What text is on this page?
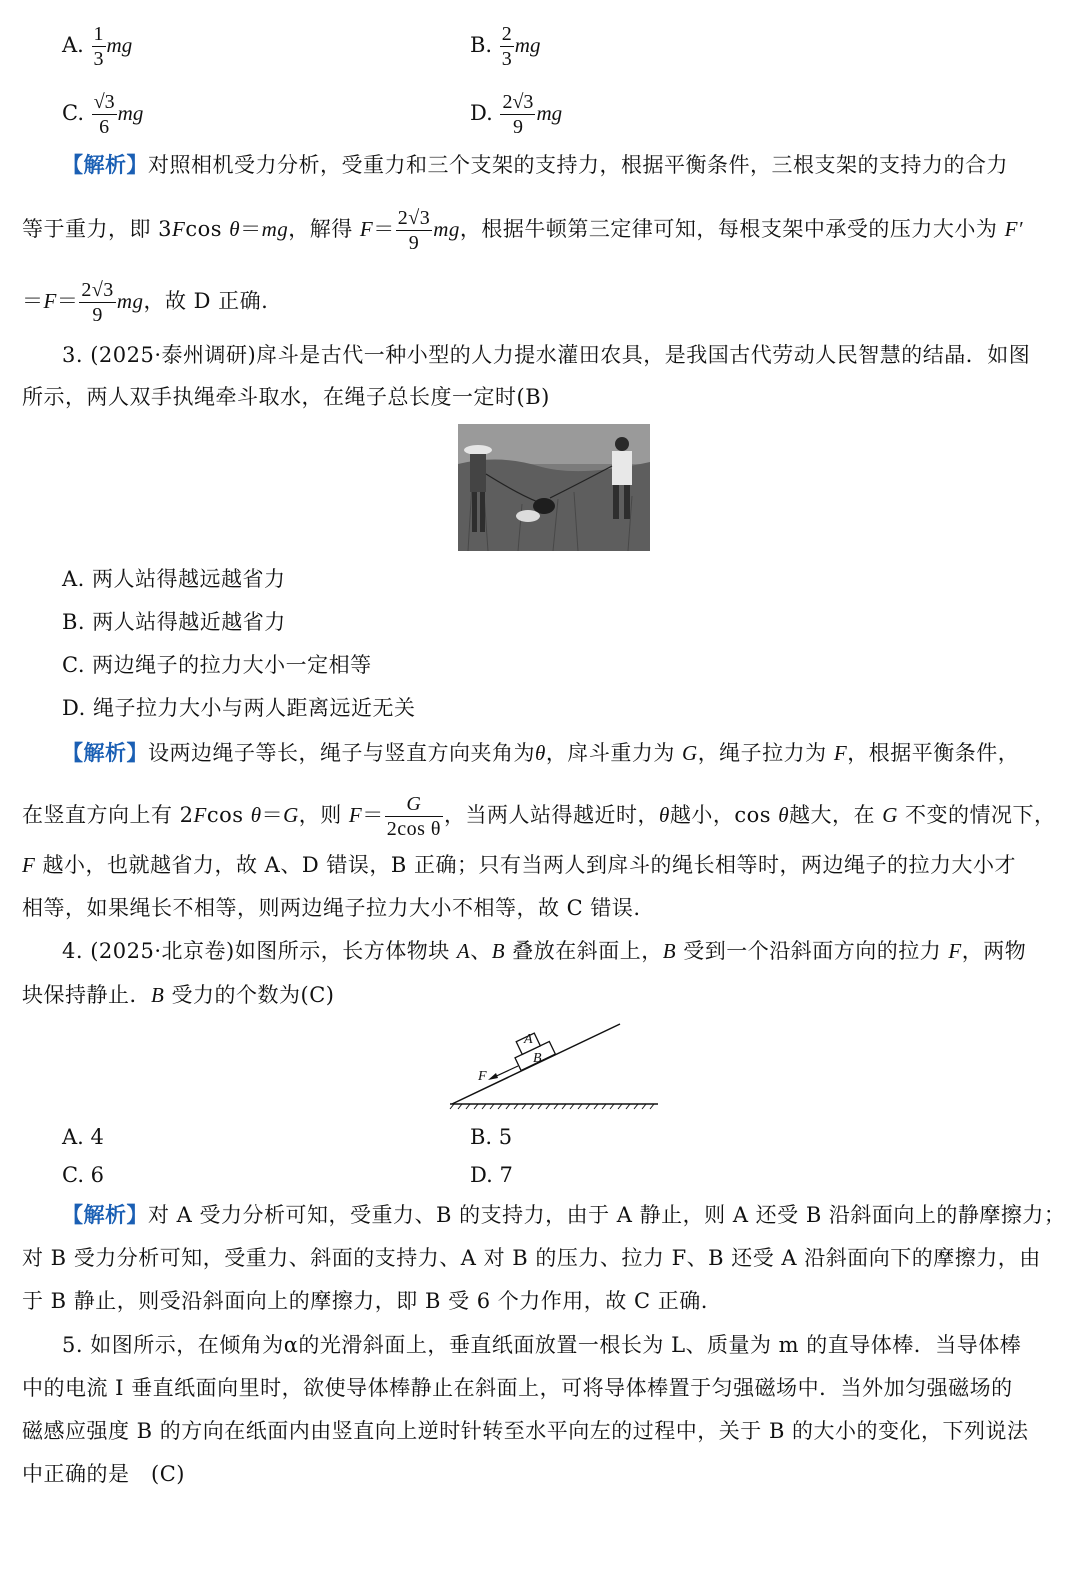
A. $\frac{1}{3}$ mg	B. $\frac{2}{3}$ mg
C. $\frac{√3}{6}$ mg	D. $\frac{2√3}{9}$ mg
【解析】对照相机受力分析，受重力和三个支架的支持力，根据平衡条件，三根支架的支持力的合力
等于重力，即 3Fcos θ＝mg，解得 $F= \frac{2√3}{9}$ mg，根据牛顿第三定律可知，每根支架中承受的压力大小为 F′
$=F= \frac{2√3}{9}$ mg，故 D 正确.
3. (2025·泰州调研)戽斗是古代一种小型的人力提水灌田农具，是我国古代劳动人民智慧的结晶．如图
所示，两人双手执绳牵斗取水，在绳子总长度一定时(B)
A. 两人站得越远越省力
B. 两人站得越近越省力
C. 两边绳子的拉力大小一定相等
D. 绳子拉力大小与两人距离远近无关
【解析】设两边绳子等长，绳子与竖直方向夹角为θ，戽斗重力为 G，绳子拉力为 F，根据平衡条件，
在竖直方向上有 2Fcos θ＝G，则 $F= \frac{G}{\text{2cos θ}}$ ，当两人站得越近时，θ越小，cos θ越大，在 G 不变的情况下，
F 越小，也就越省力，故 A、D 错误，B 正确；只有当两人到戽斗的绳长相等时，两边绳子的拉力大小才
相等，如果绳长不相等，则两边绳子拉力大小不相等，故 C 错误.
4. (2025·北京卷)如图所示，长方体物块 A、B 叠放在斜面上，B 受到一个沿斜面方向的拉力 F，两物
块保持静止．B 受力的个数为(C)
B
A
F
A. 4	B. 5
C. 6	D. 7
【解析】对 A 受力分析可知，受重力、B 的支持力，由于 A 静止，则 A 还受 B 沿斜面向上的静摩擦力；
对 B 受力分析可知，受重力、斜面的支持力、A 对 B 的压力、拉力 F、B 还受 A 沿斜面向下的摩擦力，由
于 B 静止，则受沿斜面向上的摩擦力，即 B 受 6 个力作用，故 C 正确.
5. 如图所示，在倾角为α的光滑斜面上，垂直纸面放置一根长为 L、质量为 m 的直导体棒．当导体棒
中的电流 I 垂直纸面向里时，欲使导体棒静止在斜面上，可将导体棒置于匀强磁场中．当外加匀强磁场的
磁感应强度 B 的方向在纸面内由竖直向上逆时针转至水平向左的过程中，关于 B 的大小的变化，下列说法
中正确的是　(C)
